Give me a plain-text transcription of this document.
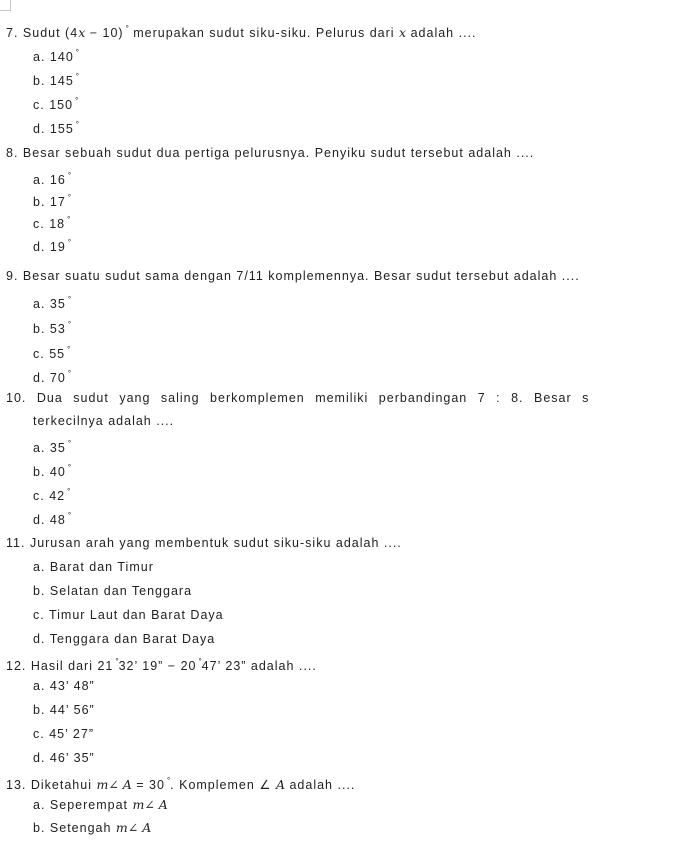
7. Sudut (4x − 10) ° merupakan sudut siku-siku. Pelurus dari x adalah ....
a. 140 °
b. 145 °
c. 150 °
d. 155 °
8. Besar sebuah sudut dua pertiga pelurusnya. Penyiku sudut tersebut adalah ....
a. 16 °
b. 17 °
c. 18 °
d. 19 °
9. Besar suatu sudut sama dengan 7/11 komplemennya. Besar sudut tersebut adalah ....
a. 35 °
b. 53 °
c. 55 °
d. 70 °
10. Dua sudut yang saling berkomplemen memiliki perbandingan 7 : 8. Besar s
terkecilnya adalah ....
a. 35 °
b. 40 °
c. 42 °
d. 48 °
11. Jurusan arah yang membentuk sudut siku-siku adalah ....
a. Barat dan Timur
b. Selatan dan Tenggara
c. Timur Laut dan Barat Daya
d. Tenggara dan Barat Daya
12. Hasil dari 21 °32’ 19” − 20 °47’ 23” adalah ....
a. 43’ 48”
b. 44’ 56”
c. 45’ 27”
d. 46’ 35”
13. Diketahui m∠ A = 30 °. Komplemen ∠ A adalah ....
a. Seperempat m∠ A
b. Setengah m∠ A
